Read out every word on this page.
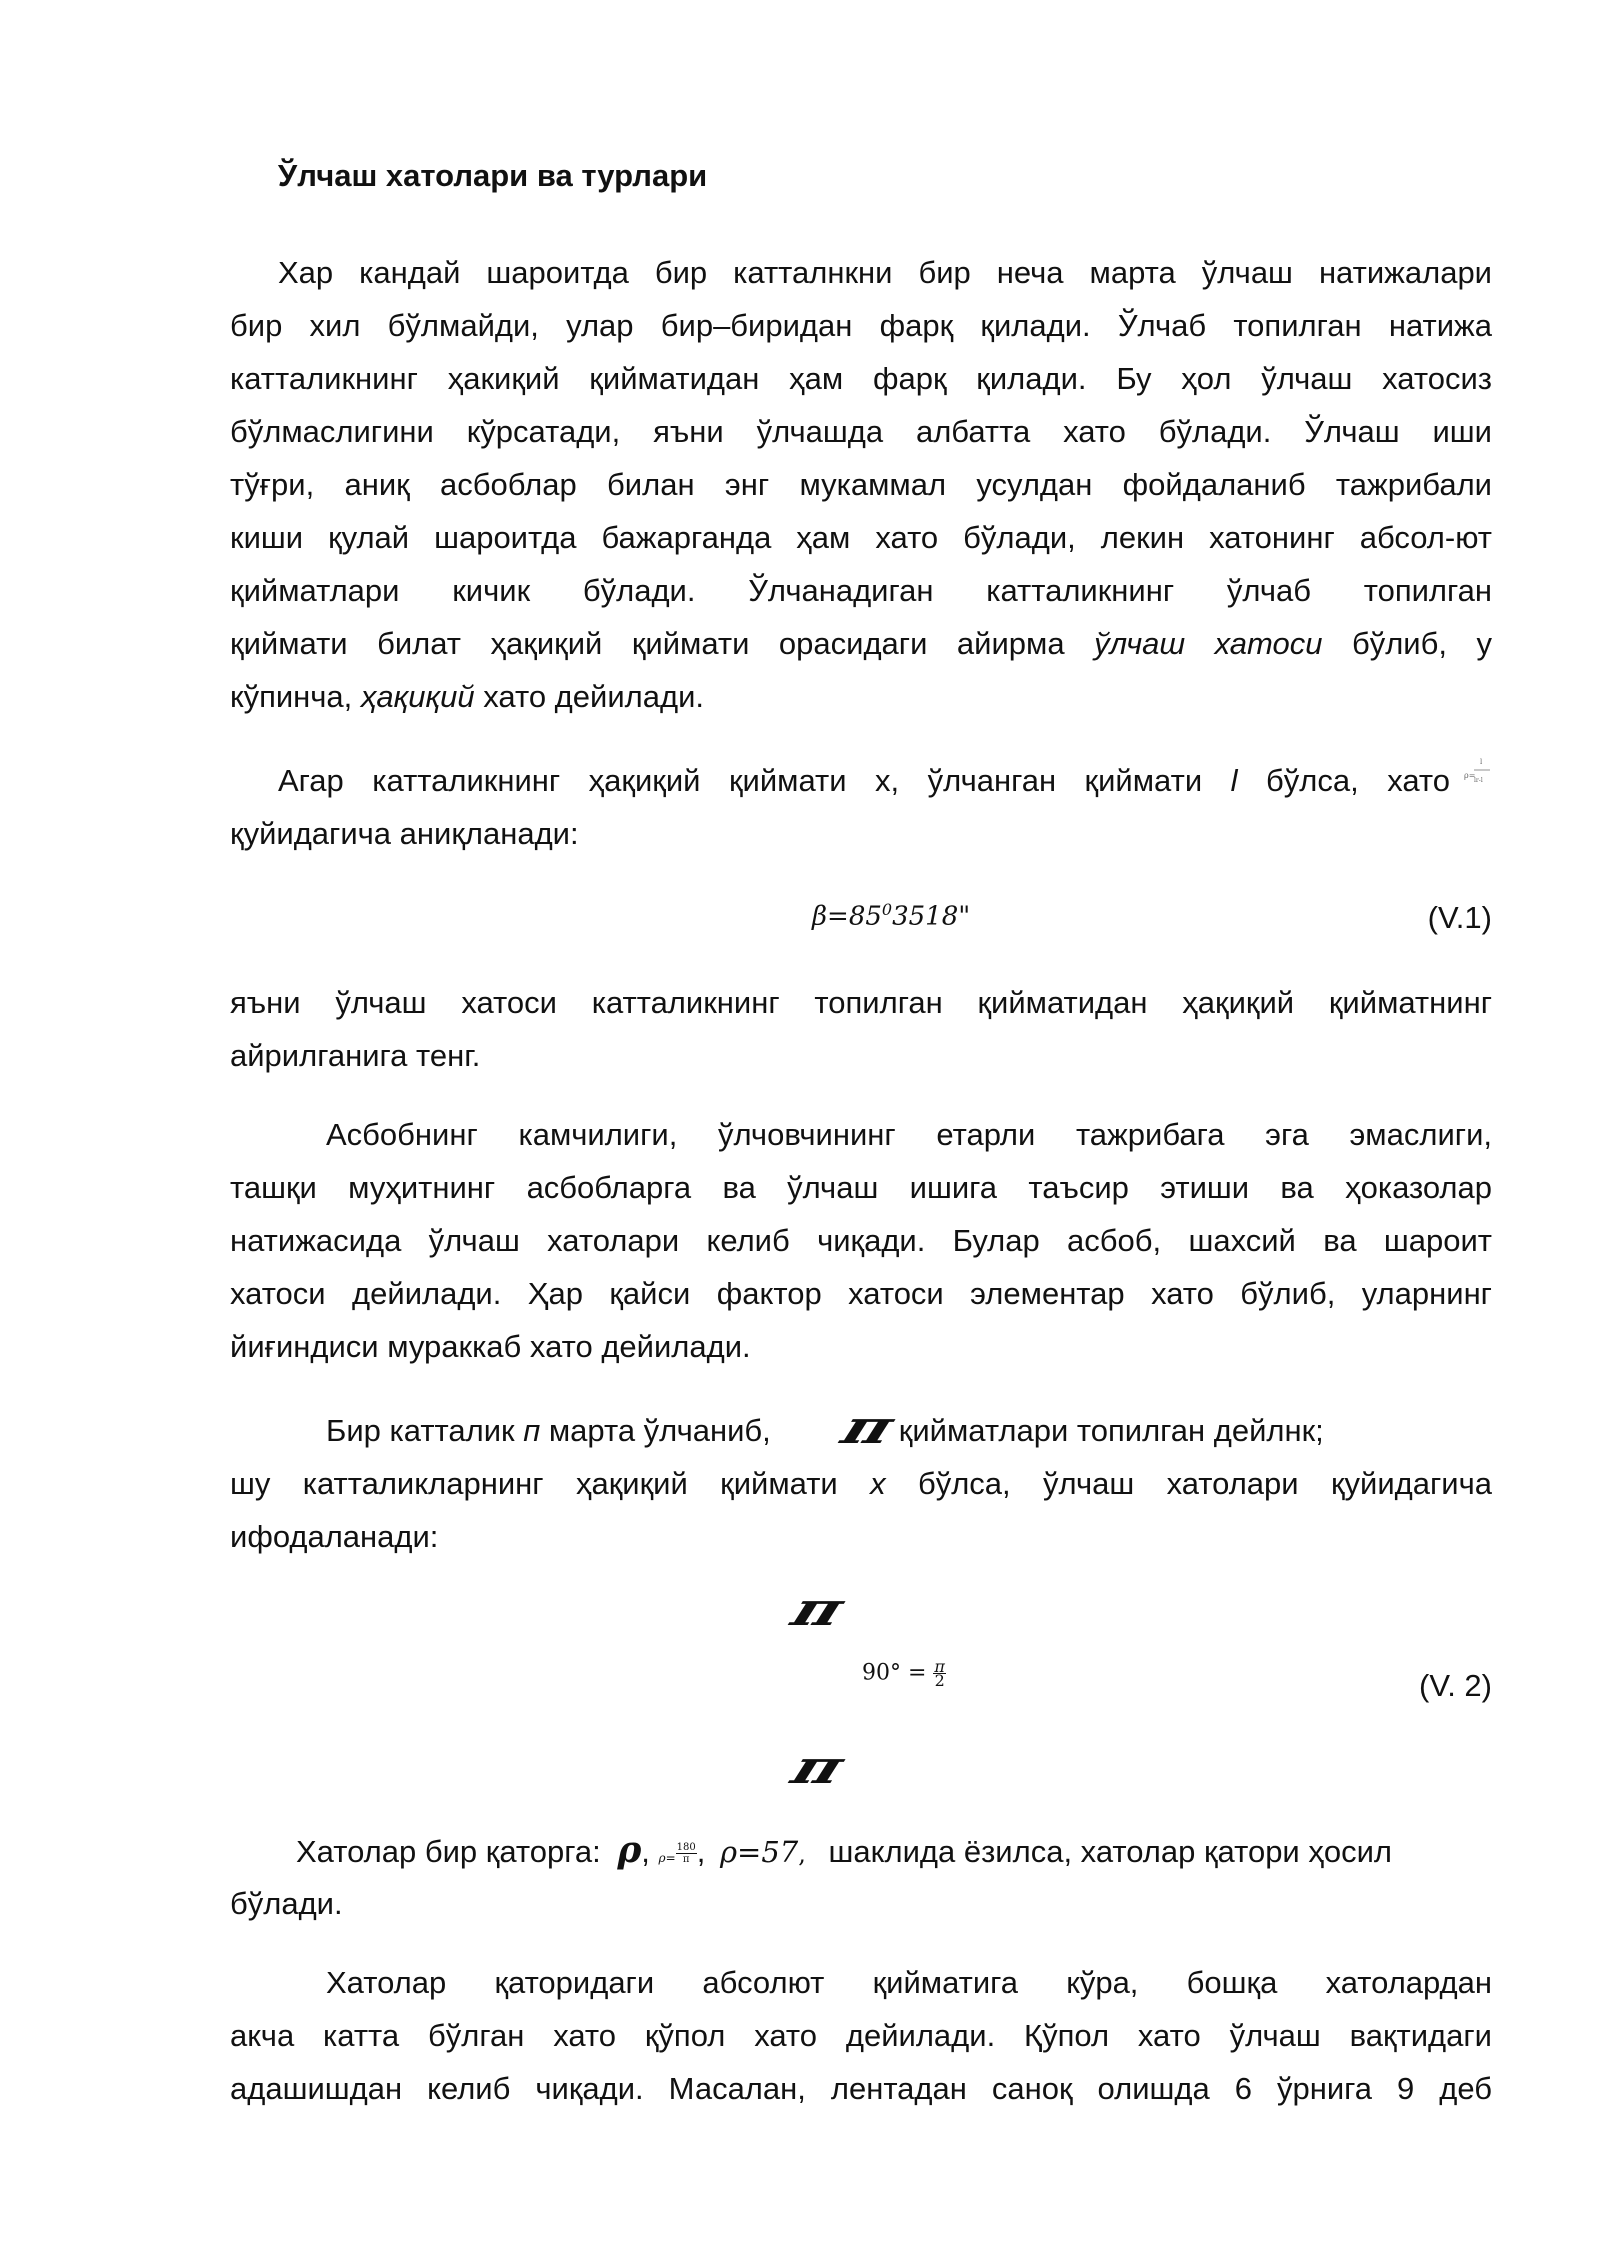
Ўлчаш хатолари ва турлари
Хар кандай шароитда бир катталнкни бир неча марта ўлчаш натижалари
бир хил бўлмайди, улар бир–биридан фарқ қилади. Ўлчаб топилган натижа
катталикнинг ҳакиқий қийматидан ҳам фарқ қилади. Бу ҳол ўлчаш хатосиз
бўлмаслигини кўрсатади, яъни ўлчашда албатта хато бўлади. Ўлчаш иши
тўғри, аниқ асбоблар билан энг мукаммал усулдан фойдаланиб тажрибали
киши қулай шароитда бажарганда ҳам хато бўлади, лекин хатонинг абсол-ют
қийматлари кичик бўлади. Ўлчанадиган катталикнинг ўлчаб топилган
қиймати билат ҳақиқий қиймати орасидаги айирма ўлчаш хатоси бўлиб, у
кўпинча, ҳақиқий хато дейилади.
Агар катталикнинг ҳақиқий қиймати х, ўлчанган қиймати l бўлса, хато
қуйидагича аниқланади:
ρ=
l
lr-l
$\beta=85^03518$"	(V.1)
яъни ўлчаш хатоси катталикнинг топилган қийматидан ҳақиқий қийматнинг
айрилганига тенг.
Асбобнинг камчилиги, ўлчовчининг етарли тажрибага эга эмаслиги,
ташқи муҳитнинг асбобларга ва ўлчаш ишига таъсир этиши ва ҳоказолар
натижасида ўлчаш хатолари келиб чиқади. Булар асбоб, шахсий ва шароит
хатоси дейилади. Ҳар қайси фактор хатоси элементар хато бўлиб, уларнинг
йиғиндиси мураккаб хато дейилади.
Бир катталик п марта ўлчаниб,	қийматлари топилган дейлнк;
шу катталикларнинг ҳақиқий қиймати х бўлса, ўлчаш хатолари қуйидагича
ифодаланади:
π
π
$90^\circ = \frac{\pi}{2}$	(V. 2)
π
Хатолар бир қаторга: ρ, $\rho= \frac{180}{\pi}$ , ρ=57, шаклида ёзилса, хатолар қатори ҳосил
бўлади.
Хатолар қаторидаги абсолют қийматига кўра, бошқа хатолардан
акча катта бўлган хато қўпол хато дейилади. Қўпол хато ўлчаш вақтидаги
адашишдан келиб чиқади. Масалан, лентадан саноқ олишда 6 ўрнига 9 деб
